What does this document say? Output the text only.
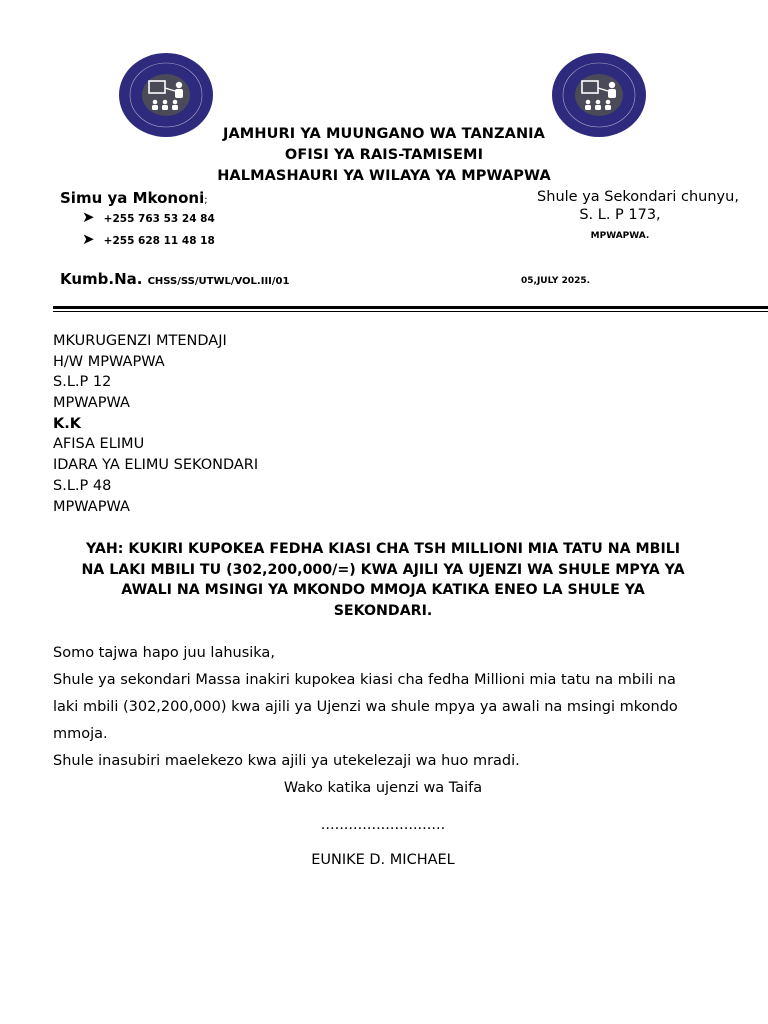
JAMHURI YA MUUNGANO WA TANZANIA
OFISI YA RAIS-TAMISEMI
HALMASHAURI YA WILAYA YA MPWAPWA
Simu ya Mkononi;
➤ +255 763 53 24 84
➤ +255 628 11 48 18
Shule ya Sekondari chunyu,
S. L. P 173,
MPWAPWA.
Kumb.Na. CHSS/SS/UTWL/VOL.III/01	05,JULY 2025.
MKURUGENZI MTENDAJI
H/W MPWAPWA
S.L.P 12
MPWAPWA
K.K
AFISA ELIMU
IDARA YA ELIMU SEKONDARI
S.L.P 48
MPWAPWA
YAH: KUKIRI KUPOKEA FEDHA KIASI CHA TSH MILLIONI MIA TATU NA MBILI
NA LAKI MBILI TU (302,200,000/=) KWA AJILI YA UJENZI WA SHULE MPYA YA
AWALI NA MSINGI YA MKONDO MMOJA KATIKA ENEO LA SHULE YA
SEKONDARI.
Somo tajwa hapo juu lahusika,
Shule ya sekondari Massa inakiri kupokea kiasi cha fedha Millioni mia tatu na mbili na
laki mbili (302,200,000) kwa ajili ya Ujenzi wa shule mpya ya awali na msingi mkondo
mmoja.
Shule inasubiri maelekezo kwa ajili ya utekelezaji wa huo mradi.
Wako katika ujenzi wa Taifa
...........................
EUNIKE D. MICHAEL
